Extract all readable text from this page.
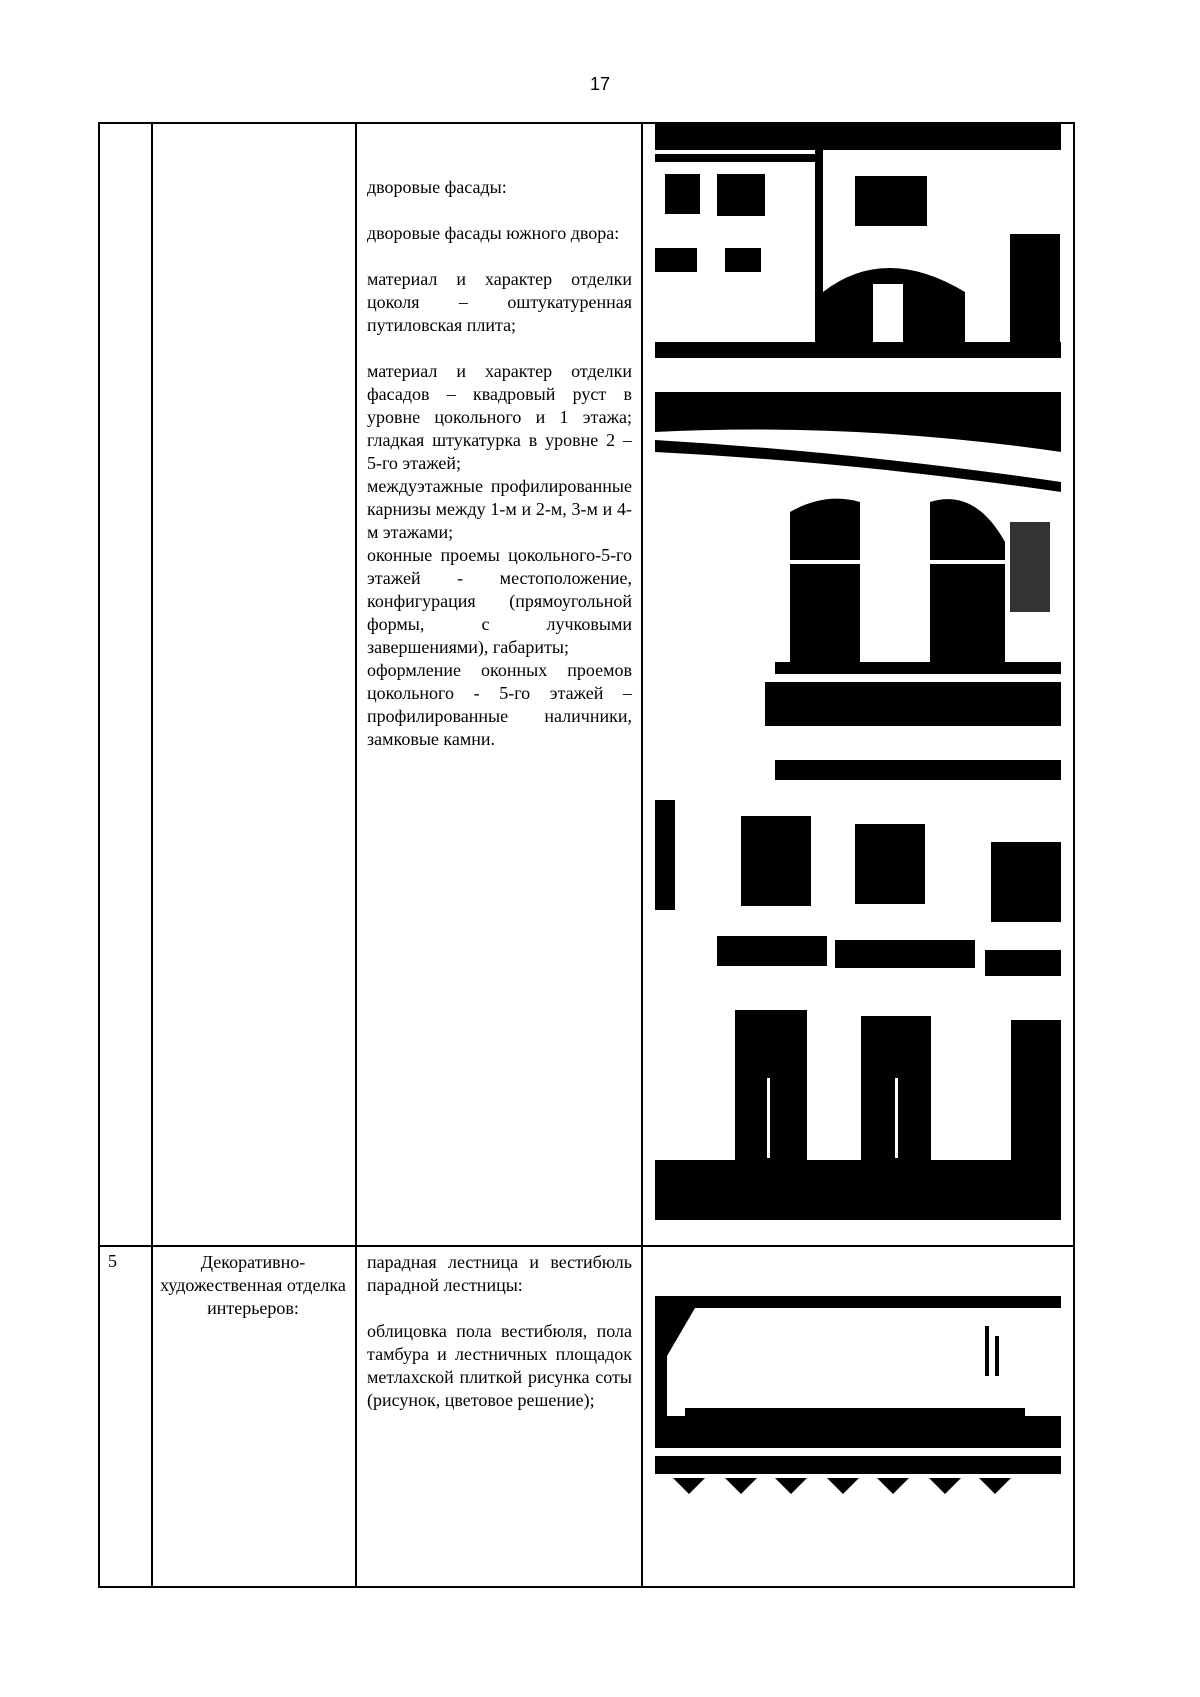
17

дворовые фасады:

дворовые фасады южного двора:

материал и характер отделки цоколя – оштукатуренная путиловская плита;

материал и характер отделки фасадов – квадровый руст в уровне цокольного и 1 этажа; гладкая штукатурка в уровне 2 – 5-го этажей;
междуэтажные профилированные карнизы между 1-м и 2-м, 3-м и 4-м этажами;
оконные проемы цокольного-5-го этажей - местоположение, конфигурация (прямоугольной формы, с лучковыми завершениями), габариты;
оформление оконных проемов цокольного - 5-го этажей – профилированные наличники, замковые камни.

5	Декоративно-художественная отделка интерьеров:

парадная лестница и вестибюль парадной лестницы:

облицовка пола вестибюля, пола тамбура и лестничных площадок метлахской плиткой рисунка соты (рисунок, цветовое решение);
